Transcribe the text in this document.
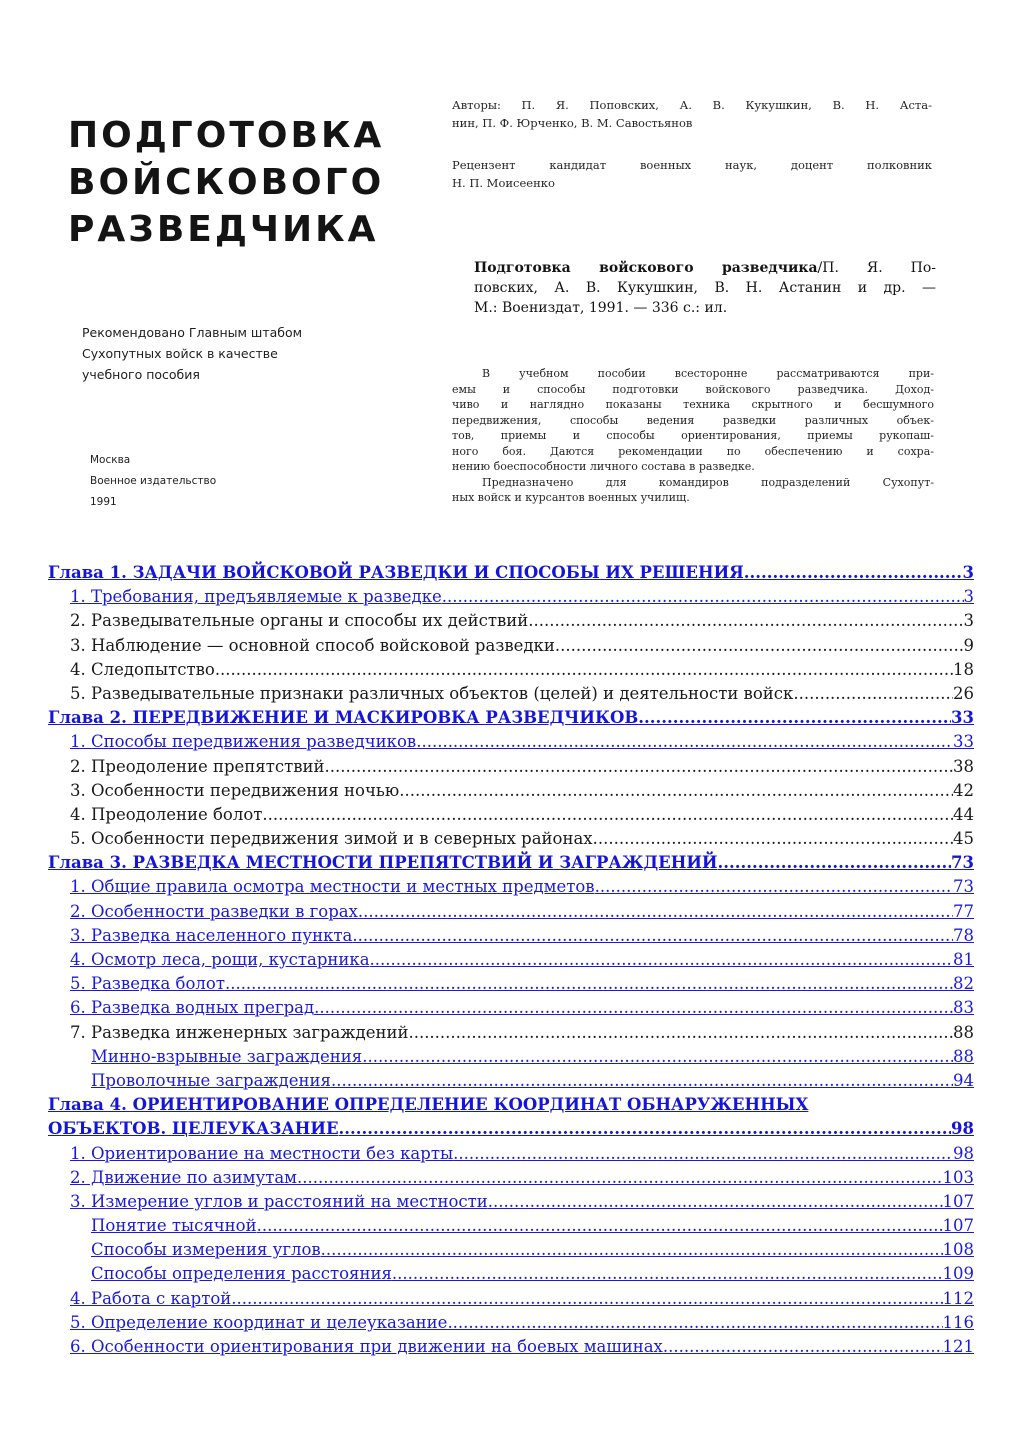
ПОДГОТОВКА
ВОЙСКОВОГО
РАЗВЕДЧИКА
Рекомендовано Главным штабом
Сухопутных войск в качестве
учебного пособия
Москва
Военное издательство
1991
Авторы: П. Я. Поповских, А. В. Кукушкин, В. Н. Аста-
нин, П. Ф. Юрченко, В. М. Савостьянов
Рецензент кандидат военных наук, доцент полковник
Н. П. Моисеенко
Подготовка войскового разведчика/П. Я. По-
повских, А. В. Кукушкин, В. Н. Астанин и др. —
М.: Воениздат, 1991. — 336 с.: ил.
В учебном пособии всесторонне рассматриваются при-
емы и способы подготовки войскового разведчика. Доход-
чиво и наглядно показаны техника скрытного и бесшумного
передвижения, способы ведения разведки различных объек-
тов, приемы и способы ориентирования, приемы рукопаш-
ного боя. Даются рекомендации по обеспечению и сохра-
нению боеспособности личного состава в разведке.
Предназначено для командиров подразделений Сухопут-
ных войск и курсантов военных училищ.
Глава 1. ЗАДАЧИ ВОЙСКОВОЙ РАЗВЕДКИ И СПОСОБЫ ИХ РЕШЕНИЯ .....	3
1. Требования, предъявляемые к разведке .....	3
2. Разведывательные органы и способы их действий .....	3
3. Наблюдение — основной способ войсковой разведки .....	9
4. Следопытство .....	18
5. Разведывательные признаки различных объектов (целей) и деятельности войск .....	26
Глава 2. ПЕРЕДВИЖЕНИЕ И МАСКИРОВКА РАЗВЕДЧИКОВ .....	33
1. Способы передвижения разведчиков .....	33
2. Преодоление препятствий .....	38
3. Особенности передвижения ночью .....	42
4. Преодоление болот .....	44
5. Особенности передвижения зимой и в северных районах .....	45
Глава 3. РАЗВЕДКА МЕСТНОСТИ ПРЕПЯТСТВИЙ И ЗАГРАЖДЕНИЙ .....	73
1. Общие правила осмотра местности и местных предметов .....	73
2. Особенности разведки в горах .....	77
3. Разведка населенного пункта .....	78
4. Осмотр леса, рощи, кустарника .....	81
5. Разведка болот .....	82
6. Разведка водных преград .....	83
7. Разведка инженерных заграждений .....	88
Минно-взрывные заграждения .....	88
Проволочные заграждения .....	94
Глава 4. ОРИЕНТИРОВАНИЕ ОПРЕДЕЛЕНИЕ КООРДИНАТ ОБНАРУЖЕННЫХ
ОБЪЕКТОВ. ЦЕЛЕУКАЗАНИЕ .....	98
1. Ориентирование на местности без карты .....	98
2. Движение по азимутам .....	103
3. Измерение углов и расстояний на местности .....	107
Понятие тысячной .....	107
Способы измерения углов .....	108
Способы определения расстояния .....	109
4. Работа с картой .....	112
5. Определение координат и целеуказание .....	116
6. Особенности ориентирования при движении на боевых машинах .....	121
